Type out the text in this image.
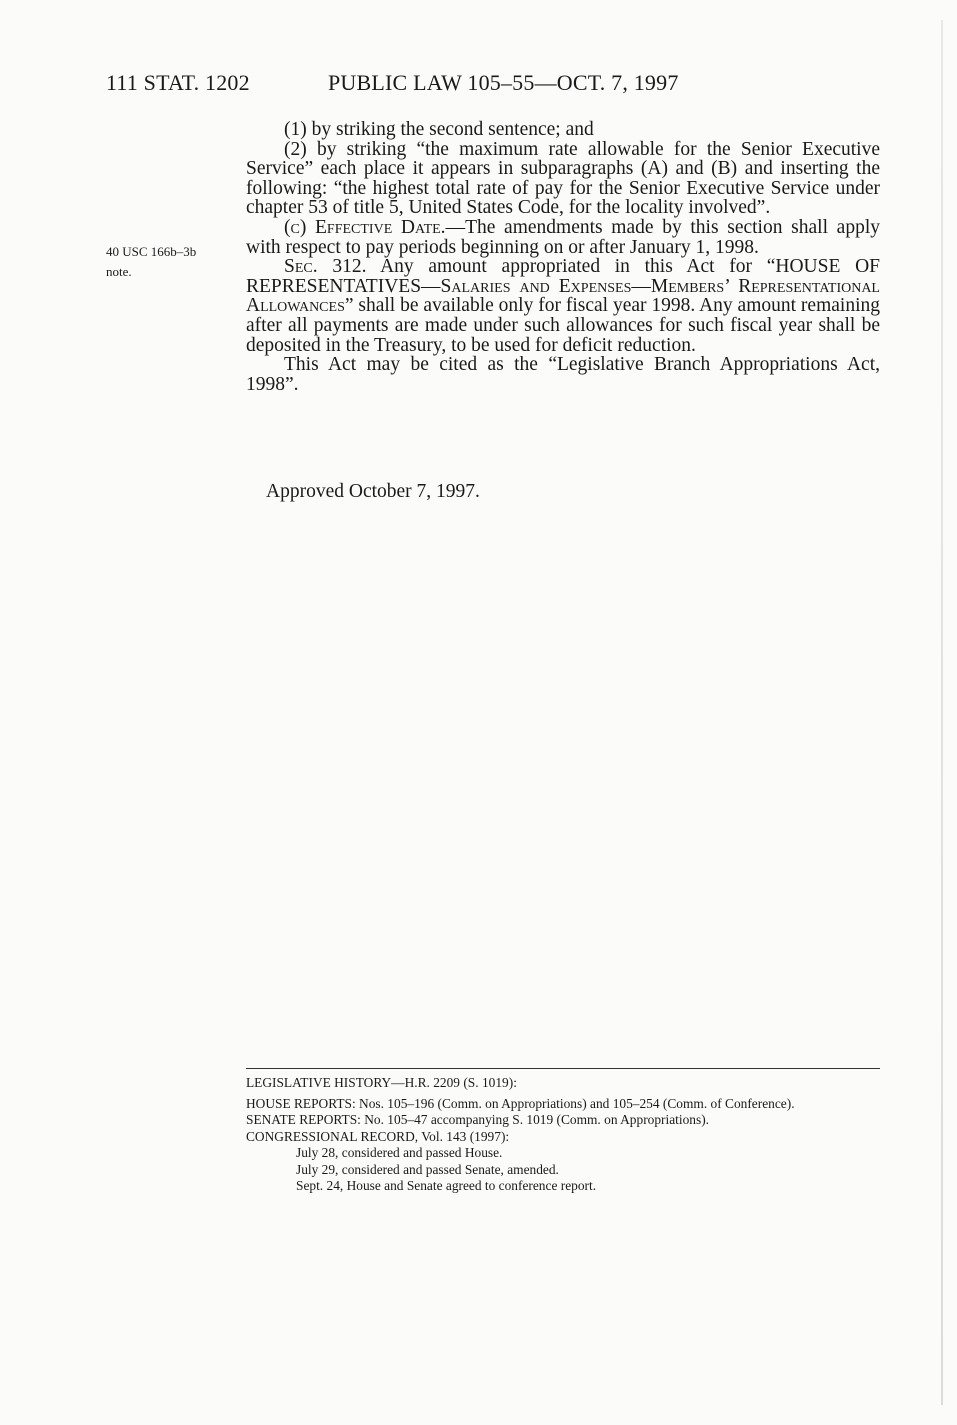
111 STAT. 1202	PUBLIC LAW 105–55—OCT. 7, 1997
40 USC 166b–3b
note.

(1) by striking the second sentence; and

(2) by striking “the maximum rate allowable for the Senior Executive Service” each place it appears in subparagraphs (A) and (B) and inserting the following: “the highest total rate of pay for the Senior Executive Service under chapter 53 of title 5, United States Code, for the locality involved”.

(c) Effective Date.—The amendments made by this section shall apply with respect to pay periods beginning on or after January 1, 1998.

Sec. 312. Any amount appropriated in this Act for “HOUSE OF REPRESENTATIVES—Salaries and Expenses—Members’ Representational Allowances” shall be available only for fiscal year 1998. Any amount remaining after all payments are made under such allowances for such fiscal year shall be deposited in the Treasury, to be used for deficit reduction.

This Act may be cited as the “Legislative Branch Appropriations Act, 1998”.

Approved October 7, 1997.

LEGISLATIVE HISTORY—H.R. 2209 (S. 1019):

HOUSE REPORTS: Nos. 105–196 (Comm. on Appropriations) and 105–254 (Comm. of Conference).

SENATE REPORTS: No. 105–47 accompanying S. 1019 (Comm. on Appropriations).

CONGRESSIONAL RECORD, Vol. 143 (1997):

July 28, considered and passed House.

July 29, considered and passed Senate, amended.

Sept. 24, House and Senate agreed to conference report.
